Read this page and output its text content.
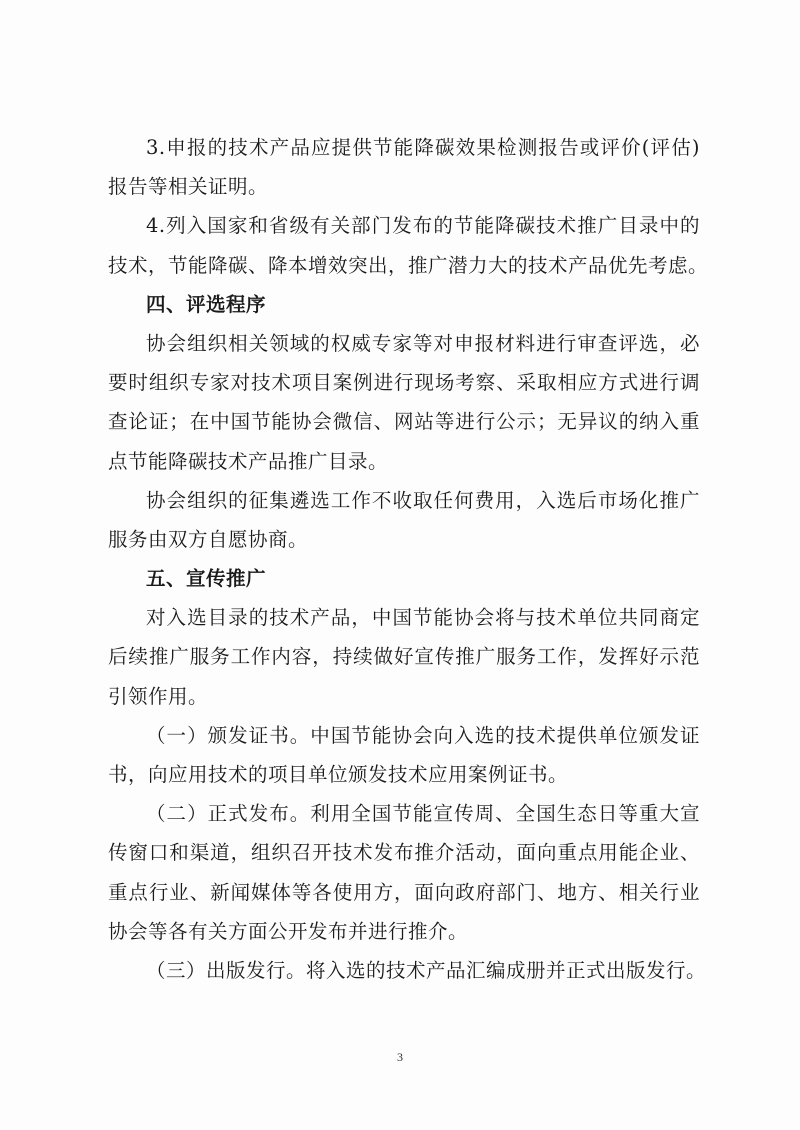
3.申报的技术产品应提供节能降碳效果检测报告或评价(评估)
报告等相关证明。
4.列入国家和省级有关部门发布的节能降碳技术推广目录中的
技术，节能降碳、降本增效突出，推广潜力大的技术产品优先考虑。
四、评选程序
协会组织相关领域的权威专家等对申报材料进行审查评选，必
要时组织专家对技术项目案例进行现场考察、采取相应方式进行调
查论证；在中国节能协会微信、网站等进行公示；无异议的纳入重
点节能降碳技术产品推广目录。
协会组织的征集遴选工作不收取任何费用，入选后市场化推广
服务由双方自愿协商。
五、宣传推广
对入选目录的技术产品，中国节能协会将与技术单位共同商定
后续推广服务工作内容，持续做好宣传推广服务工作，发挥好示范
引领作用。
（一）颁发证书。中国节能协会向入选的技术提供单位颁发证
书，向应用技术的项目单位颁发技术应用案例证书。
（二）正式发布。利用全国节能宣传周、全国生态日等重大宣
传窗口和渠道，组织召开技术发布推介活动，面向重点用能企业、
重点行业、新闻媒体等各使用方，面向政府部门、地方、相关行业
协会等各有关方面公开发布并进行推介。
（三）出版发行。将入选的技术产品汇编成册并正式出版发行。
3
